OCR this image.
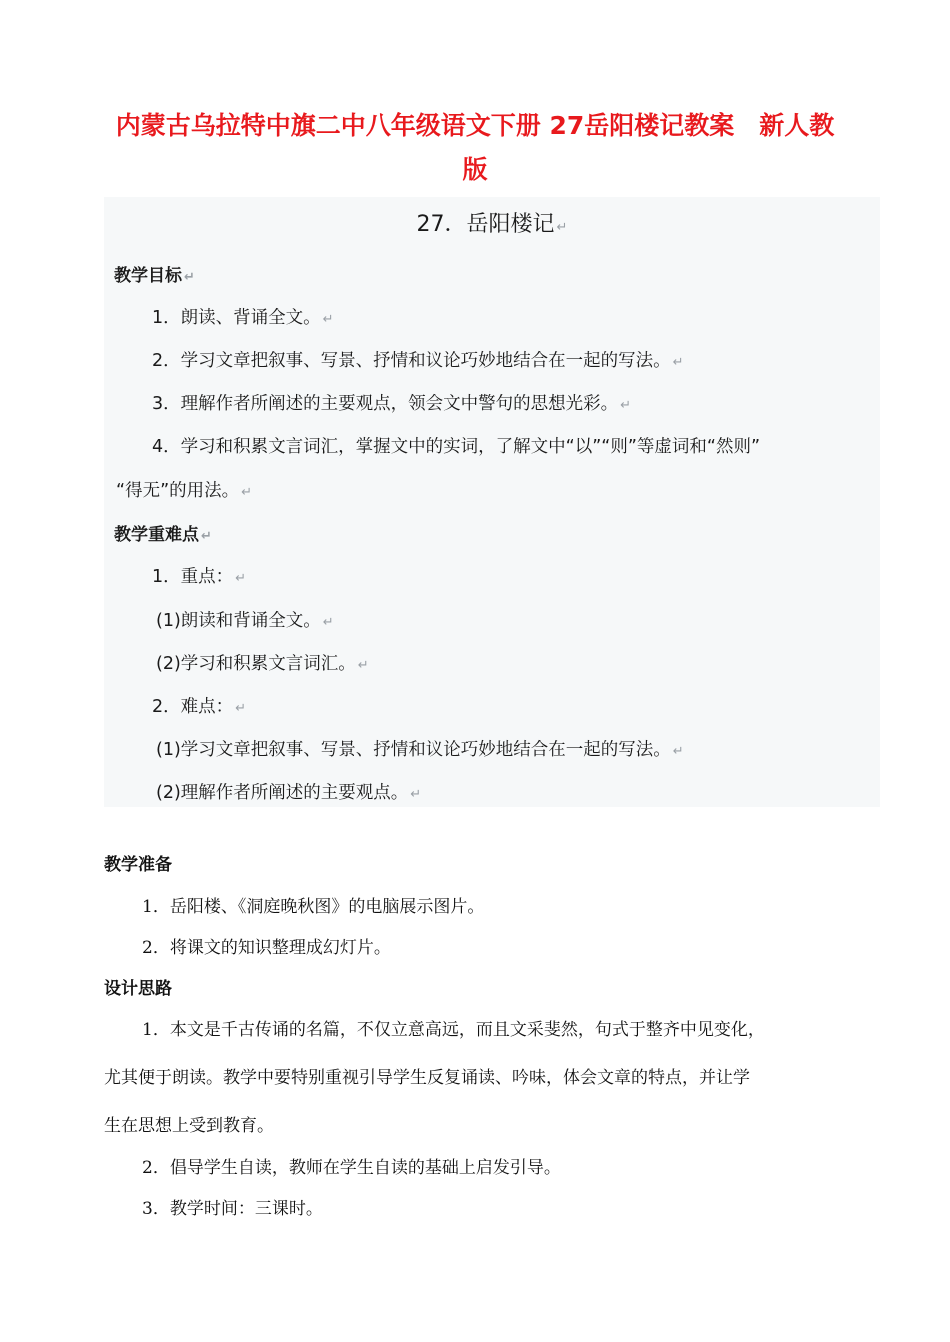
内蒙古乌拉特中旗二中八年级语文下册 27岳阳楼记教案　新人教
版
27．岳阳楼记 ↵
教学目标 ↵
1．朗读、背诵全文。 ↵
2．学习文章把叙事、写景、抒情和议论巧妙地结合在一起的写法。 ↵
3．理解作者所阐述的主要观点，领会文中警句的思想光彩。 ↵
4．学习和积累文言词汇，掌握文中的实词，了解文中“以”“则”等虚词和“然则”
“得无”的用法。 ↵
教学重难点 ↵
1．重点： ↵
(1)朗读和背诵全文。 ↵
(2)学习和积累文言词汇。 ↵
2．难点： ↵
(1)学习文章把叙事、写景、抒情和议论巧妙地结合在一起的写法。 ↵
(2)理解作者所阐述的主要观点。 ↵
教学准备
1．岳阳楼、《洞庭晚秋图》的电脑展示图片。
2．将课文的知识整理成幻灯片。
设计思路
1．本文是千古传诵的名篇，不仅立意高远，而且文采斐然，句式于整齐中见变化，
尤其便于朗读。教学中要特别重视引导学生反复诵读、吟味，体会文章的特点，并让学
生在思想上受到教育。
2．倡导学生自读，教师在学生自读的基础上启发引导。
3．教学时间：三课时。
